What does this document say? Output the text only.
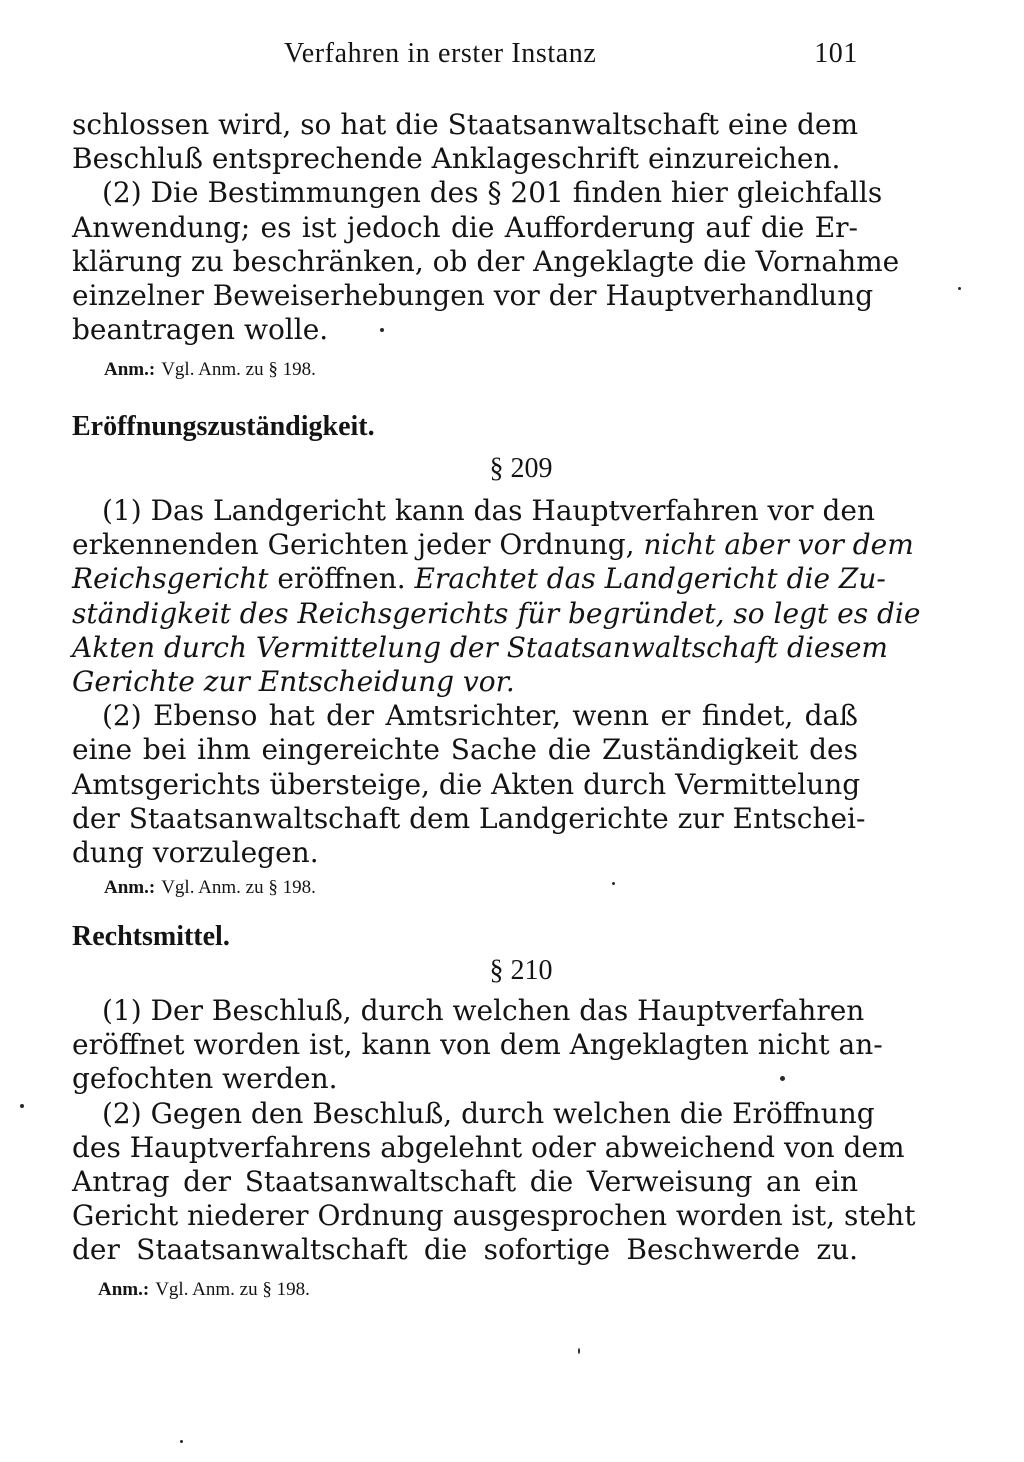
Verfahren in erster Instanz	101
schlossen wird, so hat die Staatsanwaltschaft eine dem
Beschluß entsprechende Anklageschrift einzureichen.
(2) Die Bestimmungen des § 201 finden hier gleichfalls
Anwendung; es ist jedoch die Aufforderung auf die Er-
klärung zu beschränken, ob der Angeklagte die Vornahme
einzelner Beweiserhebungen vor der Hauptverhandlung
beantragen wolle.
Anm.: Vgl. Anm. zu § 198.
Eröffnungszuständigkeit.
§ 209
(1) Das Landgericht kann das Hauptverfahren vor den
erkennenden Gerichten jeder Ordnung, nicht aber vor dem
Reichsgericht eröffnen. Erachtet das Landgericht die Zu-
ständigkeit des Reichsgerichts für begründet, so legt es die
Akten durch Vermittelung der Staatsanwaltschaft diesem
Gerichte zur Entscheidung vor.
(2) Ebenso hat der Amtsrichter, wenn er findet, daß
eine bei ihm eingereichte Sache die Zuständigkeit des
Amtsgerichts übersteige, die Akten durch Vermittelung
der Staatsanwaltschaft dem Landgerichte zur Entschei-
dung vorzulegen.
Anm.: Vgl. Anm. zu § 198.
Rechtsmittel.
§ 210
(1) Der Beschluß, durch welchen das Hauptverfahren
eröffnet worden ist, kann von dem Angeklagten nicht an-
gefochten werden.
(2) Gegen den Beschluß, durch welchen die Eröffnung
des Hauptverfahrens abgelehnt oder abweichend von dem
Antrag der Staatsanwaltschaft die Verweisung an ein
Gericht niederer Ordnung ausgesprochen worden ist, steht
der Staatsanwaltschaft die sofortige Beschwerde zu.
Anm.: Vgl. Anm. zu § 198.
